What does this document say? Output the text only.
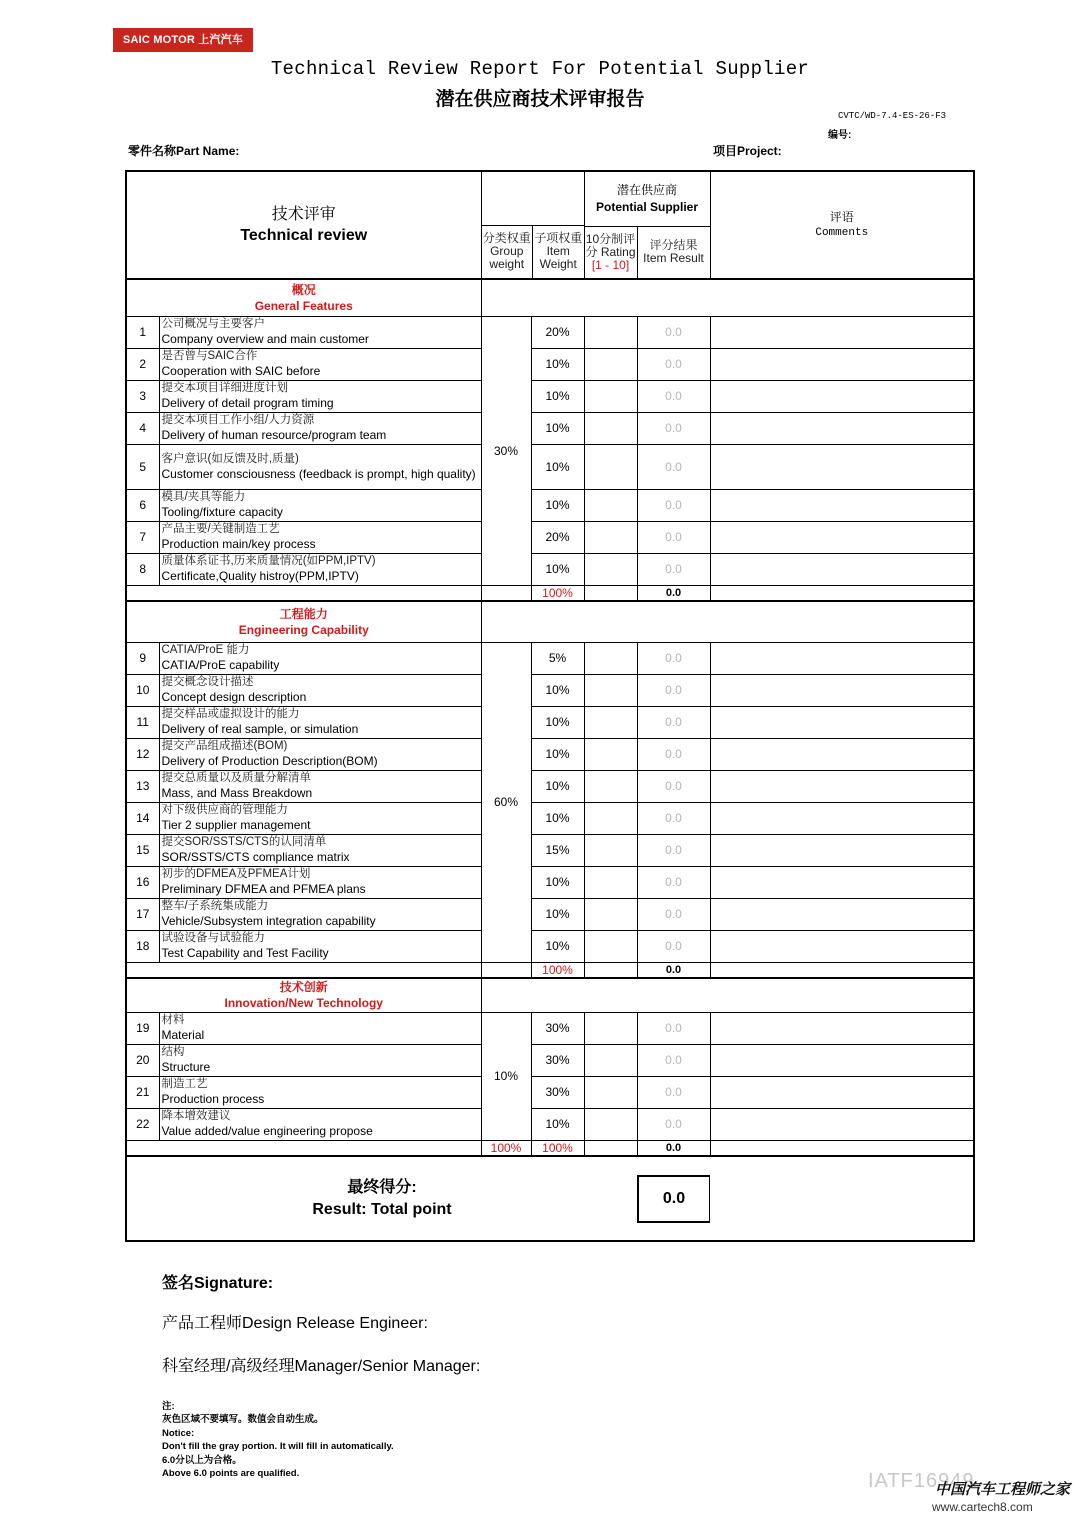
SAIC MOTOR 上汽汽车
Technical Review Report For Potential Supplier
潜在供应商技术评审报告
CVTC/WD-7.4-ES-26-F3
编号:
零件名称Part Name:	项目Project:
技术评审
Technical review
		分类权重 Group weight	子项权重 Item Weight

潜在供应商
Potential Supplier

评语
Comments

10分制评分 Rating
[1 - 10]
	评分结果 Item Result

概况
General Features

1	
公司概况与主要客户
Company overview and main customer
	30%	20%		0.0	
2	
是否曾与SAIC合作
Cooperation with SAIC before	10%		0.0	
3	
提交本项目详细进度计划
Delivery of detail program timing	10%		0.0	
4	
提交本项目工作小组/人力资源
Delivery of human resource/program team	10%		0.0	
5	
客户意识(如反馈及时,质量)
Customer consciousness (feedback is prompt, high quality)	10%		0.0	
6	
模具/夹具等能力
Tooling/fixture capacity	10%		0.0	
7	
产品主要/关键制造工艺
Production main/key process	20%		0.0	
8	
质量体系证书,历来质量情况(如PPM,IPTV)
Certificate,Quality histroy(PPM,IPTV)	10%		0.0	
		100%		0.0	

工程能力
Engineering Capability

9	
CATIA/ProE 能力
CATIA/ProE capability
	60%	5%		0.0	
10	
提交概念设计描述
Concept design description	10%		0.0	
11	
提交样品或虚拟设计的能力
Delivery of real sample, or simulation	10%		0.0	
12	
提交产品组成描述(BOM)
Delivery of Production Description(BOM)	10%		0.0	
13	
提交总质量以及质量分解清单
Mass, and Mass Breakdown	10%		0.0	
14	
对下级供应商的管理能力
Tier 2 supplier management	10%		0.0	
15	
提交SOR/SSTS/CTS的认同清单
SOR/SSTS/CTS compliance matrix	15%		0.0	
16	
初步的DFMEA及PFMEA计划
Preliminary DFMEA and PFMEA plans	10%		0.0	
17	
整车/子系统集成能力
Vehicle/Subsystem integration capability	10%		0.0	
18	
试验设备与试验能力
Test Capability and Test Facility	10%		0.0	
		100%		0.0	

技术创新
Innovation/New Technology

19	
材料
Material
	10%	30%		0.0	
20	
结构
Structure	30%		0.0	
21	
制造工艺
Production process	30%		0.0	
22	
降本增效建议
Value added/value engineering propose	10%		0.0	
	100%	100%		0.0	

最终得分:
Result: Total point
	0.0	
签名Signature:
产品工程师Design Release Engineer:
科室经理/高级经理Manager/Senior Manager:
注:
灰色区域不要填写。数值会自动生成。
Notice:
Don't fill the gray portion. It will fill in automatically.
6.0分以上为合格。
Above 6.0 points are qualified.	IATF16949
中国汽车工程师之家
www.cartech8.com
